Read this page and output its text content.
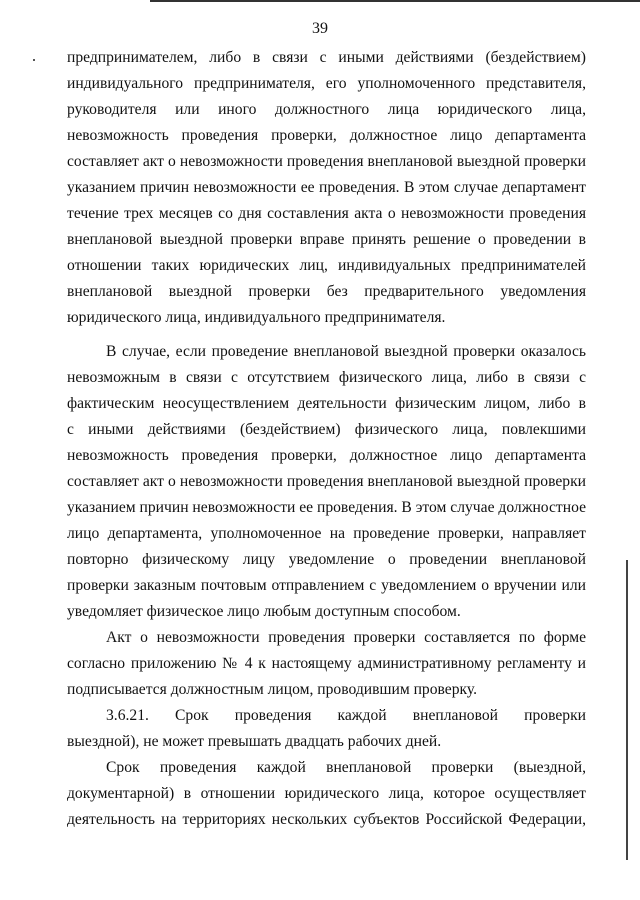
39
предпринимателем, либо в связи с иными действиями (бездействием)
индивидуального предпринимателя, его уполномоченного представителя,
руководителя или иного должностного лица юридического лица,
невозможность проведения проверки, должностное лицо департамента
составляет акт о невозможности проведения внеплановой выездной проверки
указанием причин невозможности ее проведения. В этом случае департамент
течение трех месяцев со дня составления акта о невозможности проведения
внеплановой выездной проверки вправе принять решение о проведении в
отношении таких юридических лиц, индивидуальных предпринимателей
внеплановой выездной проверки без предварительного уведомления
юридического лица, индивидуального предпринимателя.
В случае, если проведение внеплановой выездной проверки оказалось
невозможным в связи с отсутствием физического лица, либо в связи с
фактическим неосуществлением деятельности физическим лицом, либо в
с иными действиями (бездействием) физического лица, повлекшими
невозможность проведения проверки, должностное лицо департамента
составляет акт о невозможности проведения внеплановой выездной проверки
указанием причин невозможности ее проведения. В этом случае должностное
лицо департамента, уполномоченное на проведение проверки, направляет
повторно физическому лицу уведомление о проведении внеплановой
проверки заказным почтовым отправлением с уведомлением о вручении или
уведомляет физическое лицо любым доступным способом.
Акт о невозможности проведения проверки составляется по форме
согласно приложению № 4 к настоящему административному регламенту и
подписывается должностным лицом, проводившим проверку.
3.6.21. Срок проведения каждой внеплановой проверки
выездной), не может превышать двадцать рабочих дней.
Срок проведения каждой внеплановой проверки (выездной,
документарной) в отношении юридического лица, которое осуществляет
деятельность на территориях нескольких субъектов Российской Федерации,
